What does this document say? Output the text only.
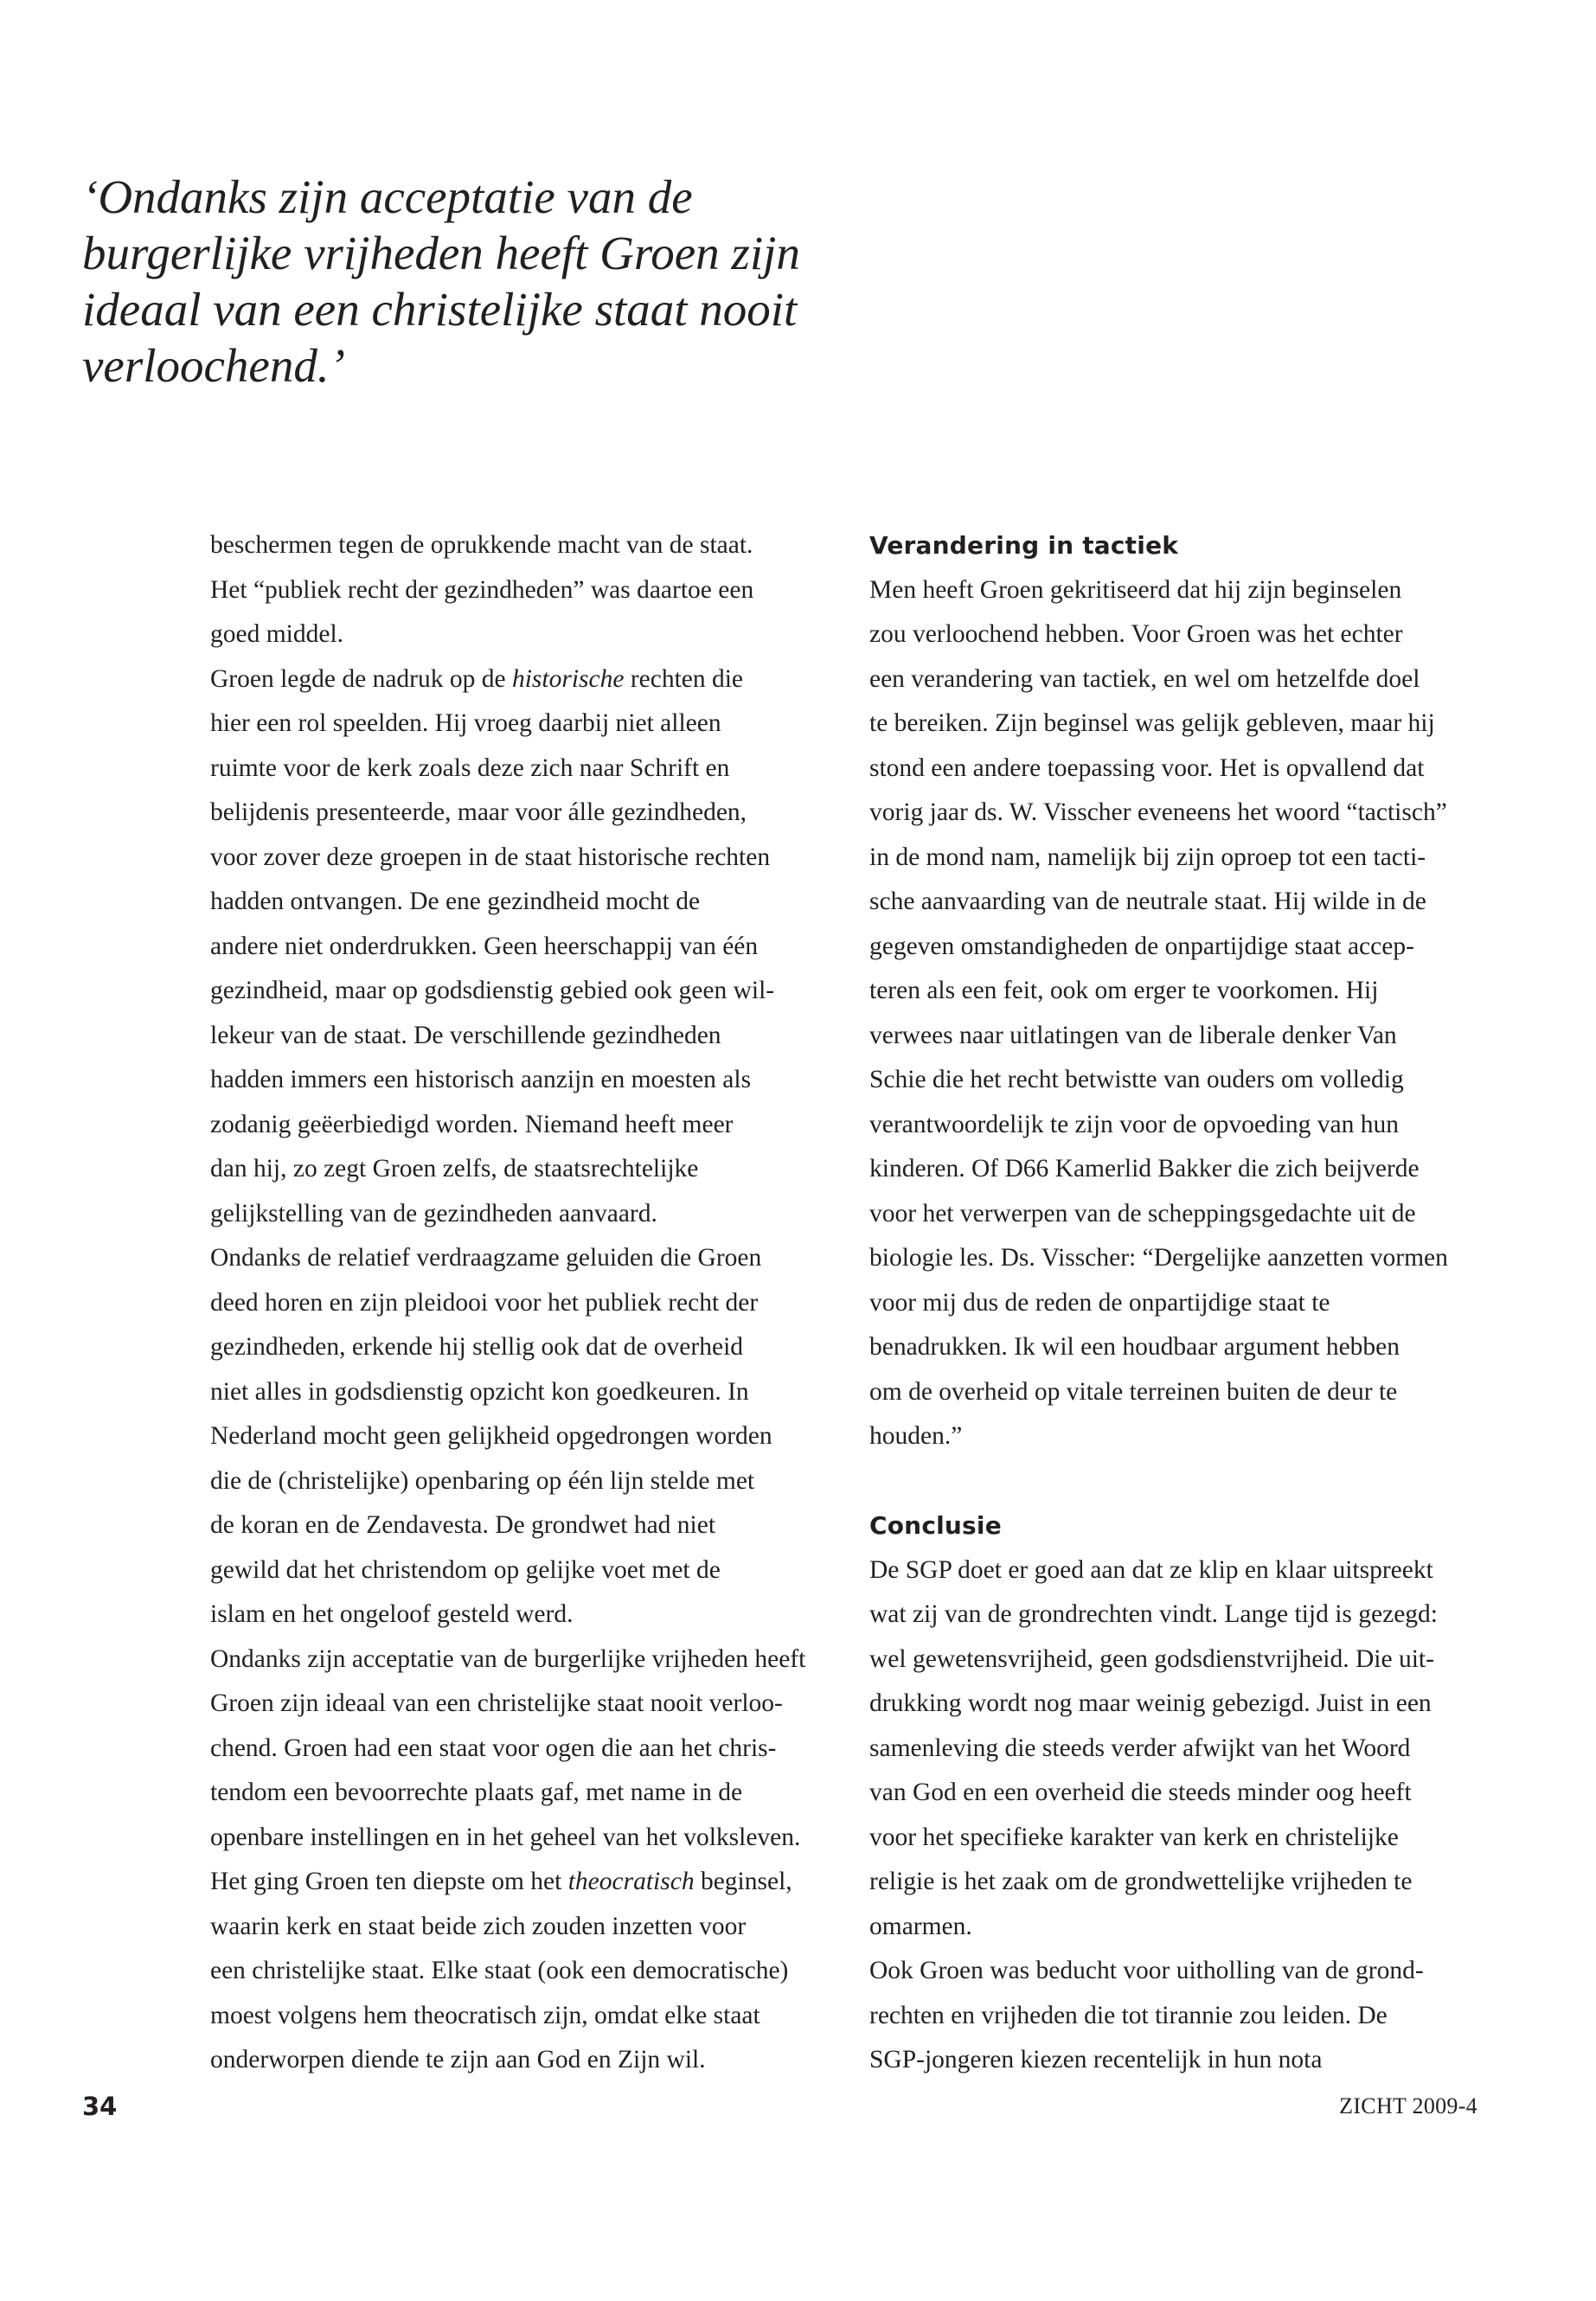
‘Ondanks zijn acceptatie van de
burgerlijke vrijheden heeft Groen zijn
ideaal van een christelijke staat nooit
verloochend.’
beschermen tegen de oprukkende macht van de staat.
Het “publiek recht der gezindheden” was daartoe een
goed middel.
Groen legde de nadruk op de historische rechten die
hier een rol speelden. Hij vroeg daarbij niet alleen
ruimte voor de kerk zoals deze zich naar Schrift en
belijdenis presenteerde, maar voor álle gezindheden,
voor zover deze groepen in de staat historische rechten
hadden ontvangen. De ene gezindheid mocht de
andere niet onderdrukken. Geen heerschappij van één
gezindheid, maar op godsdienstig gebied ook geen wil-
lekeur van de staat. De verschillende gezindheden
hadden immers een historisch aanzijn en moesten als
zodanig geëerbiedigd worden. Niemand heeft meer
dan hij, zo zegt Groen zelfs, de staatsrechtelijke
gelijkstelling van de gezindheden aanvaard.
Ondanks de relatief verdraagzame geluiden die Groen
deed horen en zijn pleidooi voor het publiek recht der
gezindheden, erkende hij stellig ook dat de overheid
niet alles in godsdienstig opzicht kon goedkeuren. In
Nederland mocht geen gelijkheid opgedrongen worden
die de (christelijke) openbaring op één lijn stelde met
de koran en de Zendavesta. De grondwet had niet
gewild dat het christendom op gelijke voet met de
islam en het ongeloof gesteld werd.
Ondanks zijn acceptatie van de burgerlijke vrijheden heeft
Groen zijn ideaal van een christelijke staat nooit verloo-
chend. Groen had een staat voor ogen die aan het chris-
tendom een bevoorrechte plaats gaf, met name in de
openbare instellingen en in het geheel van het volksleven.
Het ging Groen ten diepste om het theocratisch beginsel,
waarin kerk en staat beide zich zouden inzetten voor
een christelijke staat. Elke staat (ook een democratische)
moest volgens hem theocratisch zijn, omdat elke staat
onderworpen diende te zijn aan God en Zijn wil.
Verandering in tactiek
Men heeft Groen gekritiseerd dat hij zijn beginselen
zou verloochend hebben. Voor Groen was het echter
een verandering van tactiek, en wel om hetzelfde doel
te bereiken. Zijn beginsel was gelijk gebleven, maar hij
stond een andere toepassing voor. Het is opvallend dat
vorig jaar ds. W. Visscher eveneens het woord “tactisch”
in de mond nam, namelijk bij zijn oproep tot een tacti-
sche aanvaarding van de neutrale staat. Hij wilde in de
gegeven omstandigheden de onpartijdige staat accep-
teren als een feit, ook om erger te voorkomen. Hij
verwees naar uitlatingen van de liberale denker Van
Schie die het recht betwistte van ouders om volledig
verantwoordelijk te zijn voor de opvoeding van hun
kinderen. Of D66 Kamerlid Bakker die zich beijverde
voor het verwerpen van de scheppingsgedachte uit de
biologie les. Ds. Visscher: “Dergelijke aanzetten vormen
voor mij dus de reden de onpartijdige staat te
benadrukken. Ik wil een houdbaar argument hebben
om de overheid op vitale terreinen buiten de deur te
houden.”
Conclusie
De SGP doet er goed aan dat ze klip en klaar uitspreekt
wat zij van de grondrechten vindt. Lange tijd is gezegd:
wel gewetensvrijheid, geen godsdienstvrijheid. Die uit-
drukking wordt nog maar weinig gebezigd. Juist in een
samenleving die steeds verder afwijkt van het Woord
van God en een overheid die steeds minder oog heeft
voor het specifieke karakter van kerk en christelijke
religie is het zaak om de grondwettelijke vrijheden te
omarmen.
Ook Groen was beducht voor uitholling van de grond-
rechten en vrijheden die tot tirannie zou leiden. De
SGP-jongeren kiezen recentelijk in hun nota
34	ZICHT 2009-4
